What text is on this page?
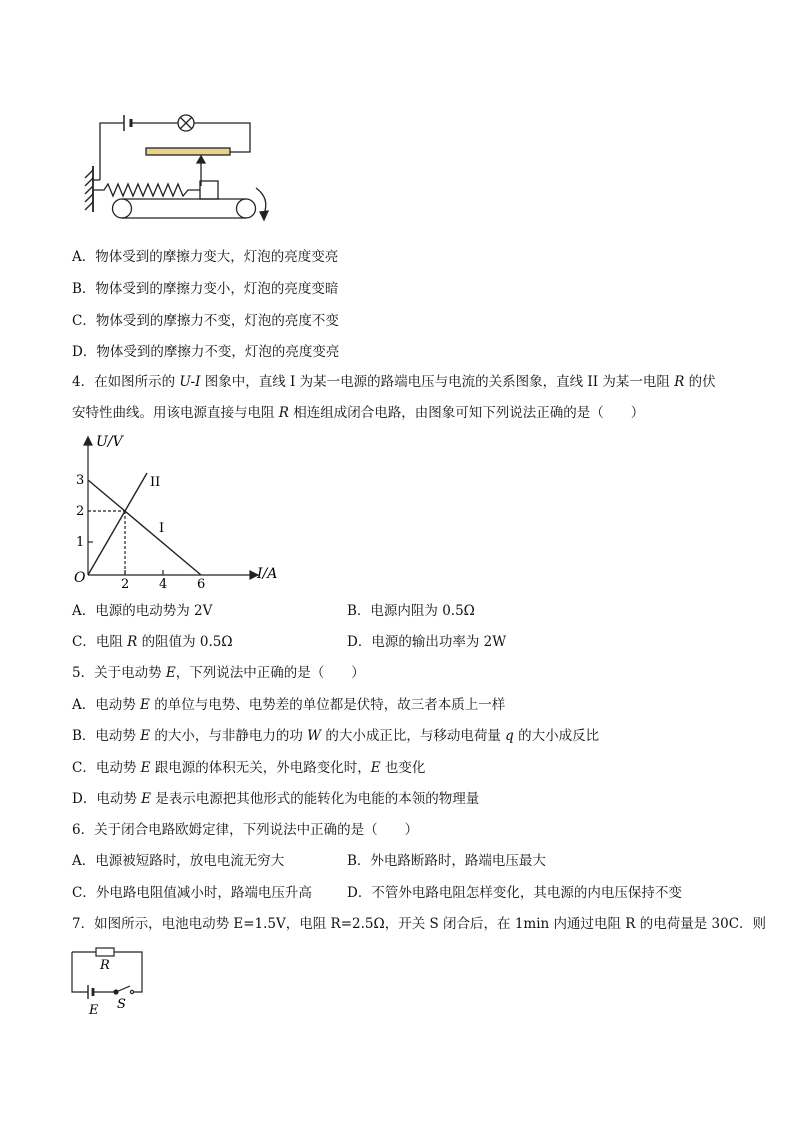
A．物体受到的摩擦力变大，灯泡的亮度变亮
B．物体受到的摩擦力变小，灯泡的亮度变暗
C．物体受到的摩擦力不变，灯泡的亮度不变
D．物体受到的摩擦力不变，灯泡的亮度变亮
4．在如图所示的 U-I 图象中，直线 I 为某一电源的路端电压与电流的关系图象，直线 II 为某一电阻 R 的伏
安特性曲线。用该电源直接与电阻 R 相连组成闭合电路，由图象可知下列说法正确的是（　　）
U/V
I/A
O
3
2
1
2 4 6
II
I
A．电源的电动势为 2V	B．电源内阻为 0.5Ω
C．电阻 R 的阻值为 0.5Ω	D．电源的输出功率为 2W
5．关于电动势 E，下列说法中正确的是（　　）
A．电动势 E 的单位与电势、电势差的单位都是伏特，故三者本质上一样
B．电动势 E 的大小，与非静电力的功 W 的大小成正比，与移动电荷量 q 的大小成反比
C．电动势 E 跟电源的体积无关，外电路变化时，E 也变化
D．电动势 E 是表示电源把其他形式的能转化为电能的本领的物理量
6．关于闭合电路欧姆定律，下列说法中正确的是（　　）
A．电源被短路时，放电电流无穷大	B．外电路断路时，路端电压最大
C．外电路电阻值减小时，路端电压升高	D．不管外电路电阻怎样变化，其电源的内电压保持不变
7．如图所示，电池电动势 E=1.5V，电阻 R=2.5Ω，开关 S 闭合后，在 1min 内通过电阻 R 的电荷量是 30C．则
R
E S
